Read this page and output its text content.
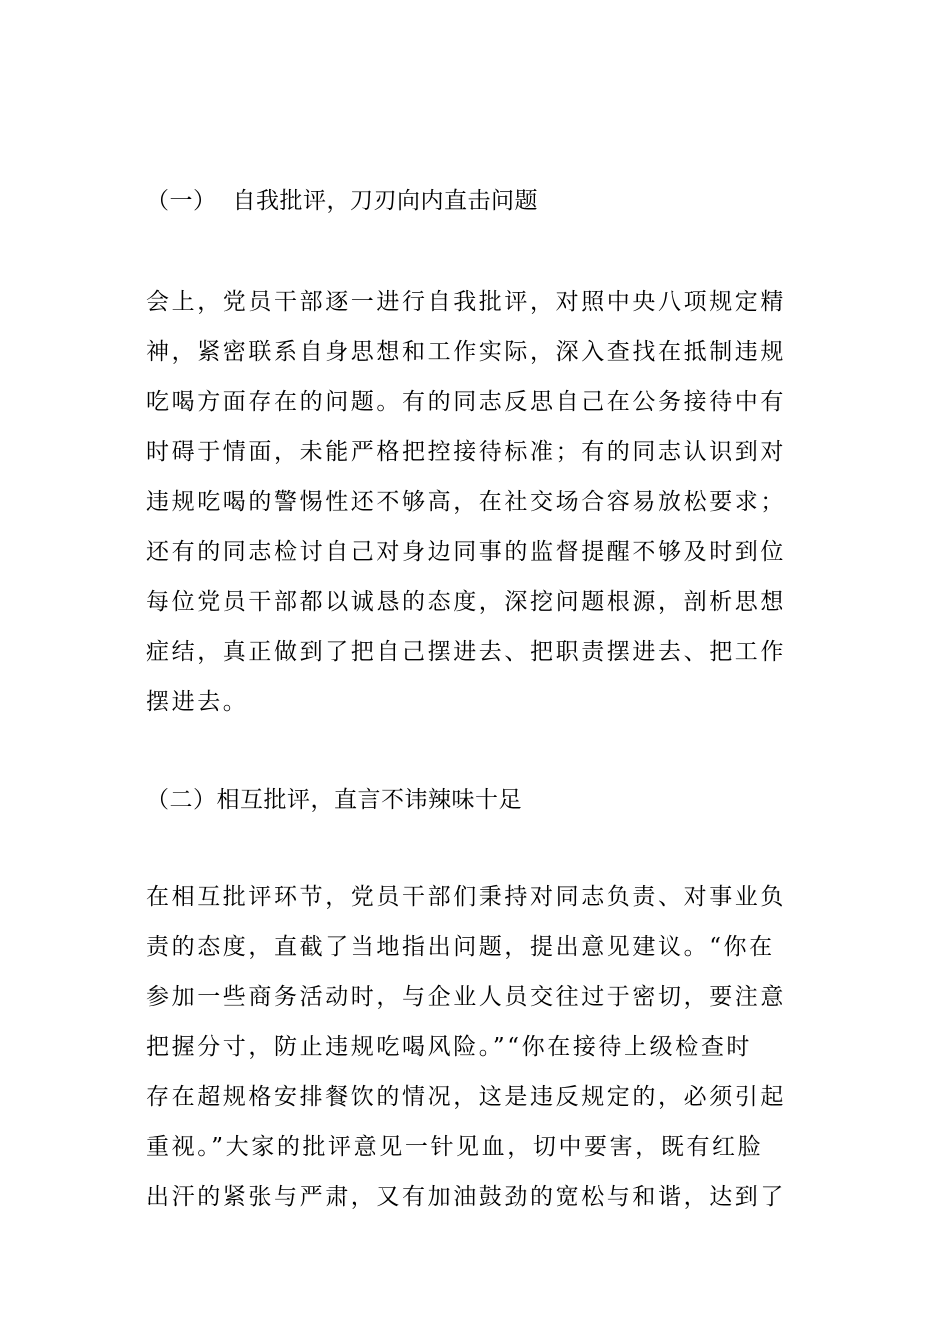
（一） 自我批评，刀刃向内直击问题
会上，党员干部逐一进行自我批评，对照中央八项规定精
神，紧密联系自身思想和工作实际，深入查找在抵制违规
吃喝方面存在的问题。有的同志反思自己在公务接待中有
时碍于情面，未能严格把控接待标准；有的同志认识到对
违规吃喝的警惕性还不够高，在社交场合容易放松要求；
还有的同志检讨自己对身边同事的监督提醒不够及时到位
每位党员干部都以诚恳的态度，深挖问题根源，剖析思想
症结，真正做到了把自己摆进去、把职责摆进去、把工作
摆进去。
（二）相互批评，直言不讳辣味十足
在相互批评环节，党员干部们秉持对同志负责、对事业负
责的态度，直截了当地指出问题，提出意见建议。“你在
参加一些商务活动时，与企业人员交往过于密切，要注意
把握分寸，防止违规吃喝风险。”“你在接待上级检查时
存在超规格安排餐饮的情况，这是违反规定的，必须引起
重视。”大家的批评意见一针见血，切中要害，既有红脸
出汗的紧张与严肃，又有加油鼓劲的宽松与和谐，达到了
